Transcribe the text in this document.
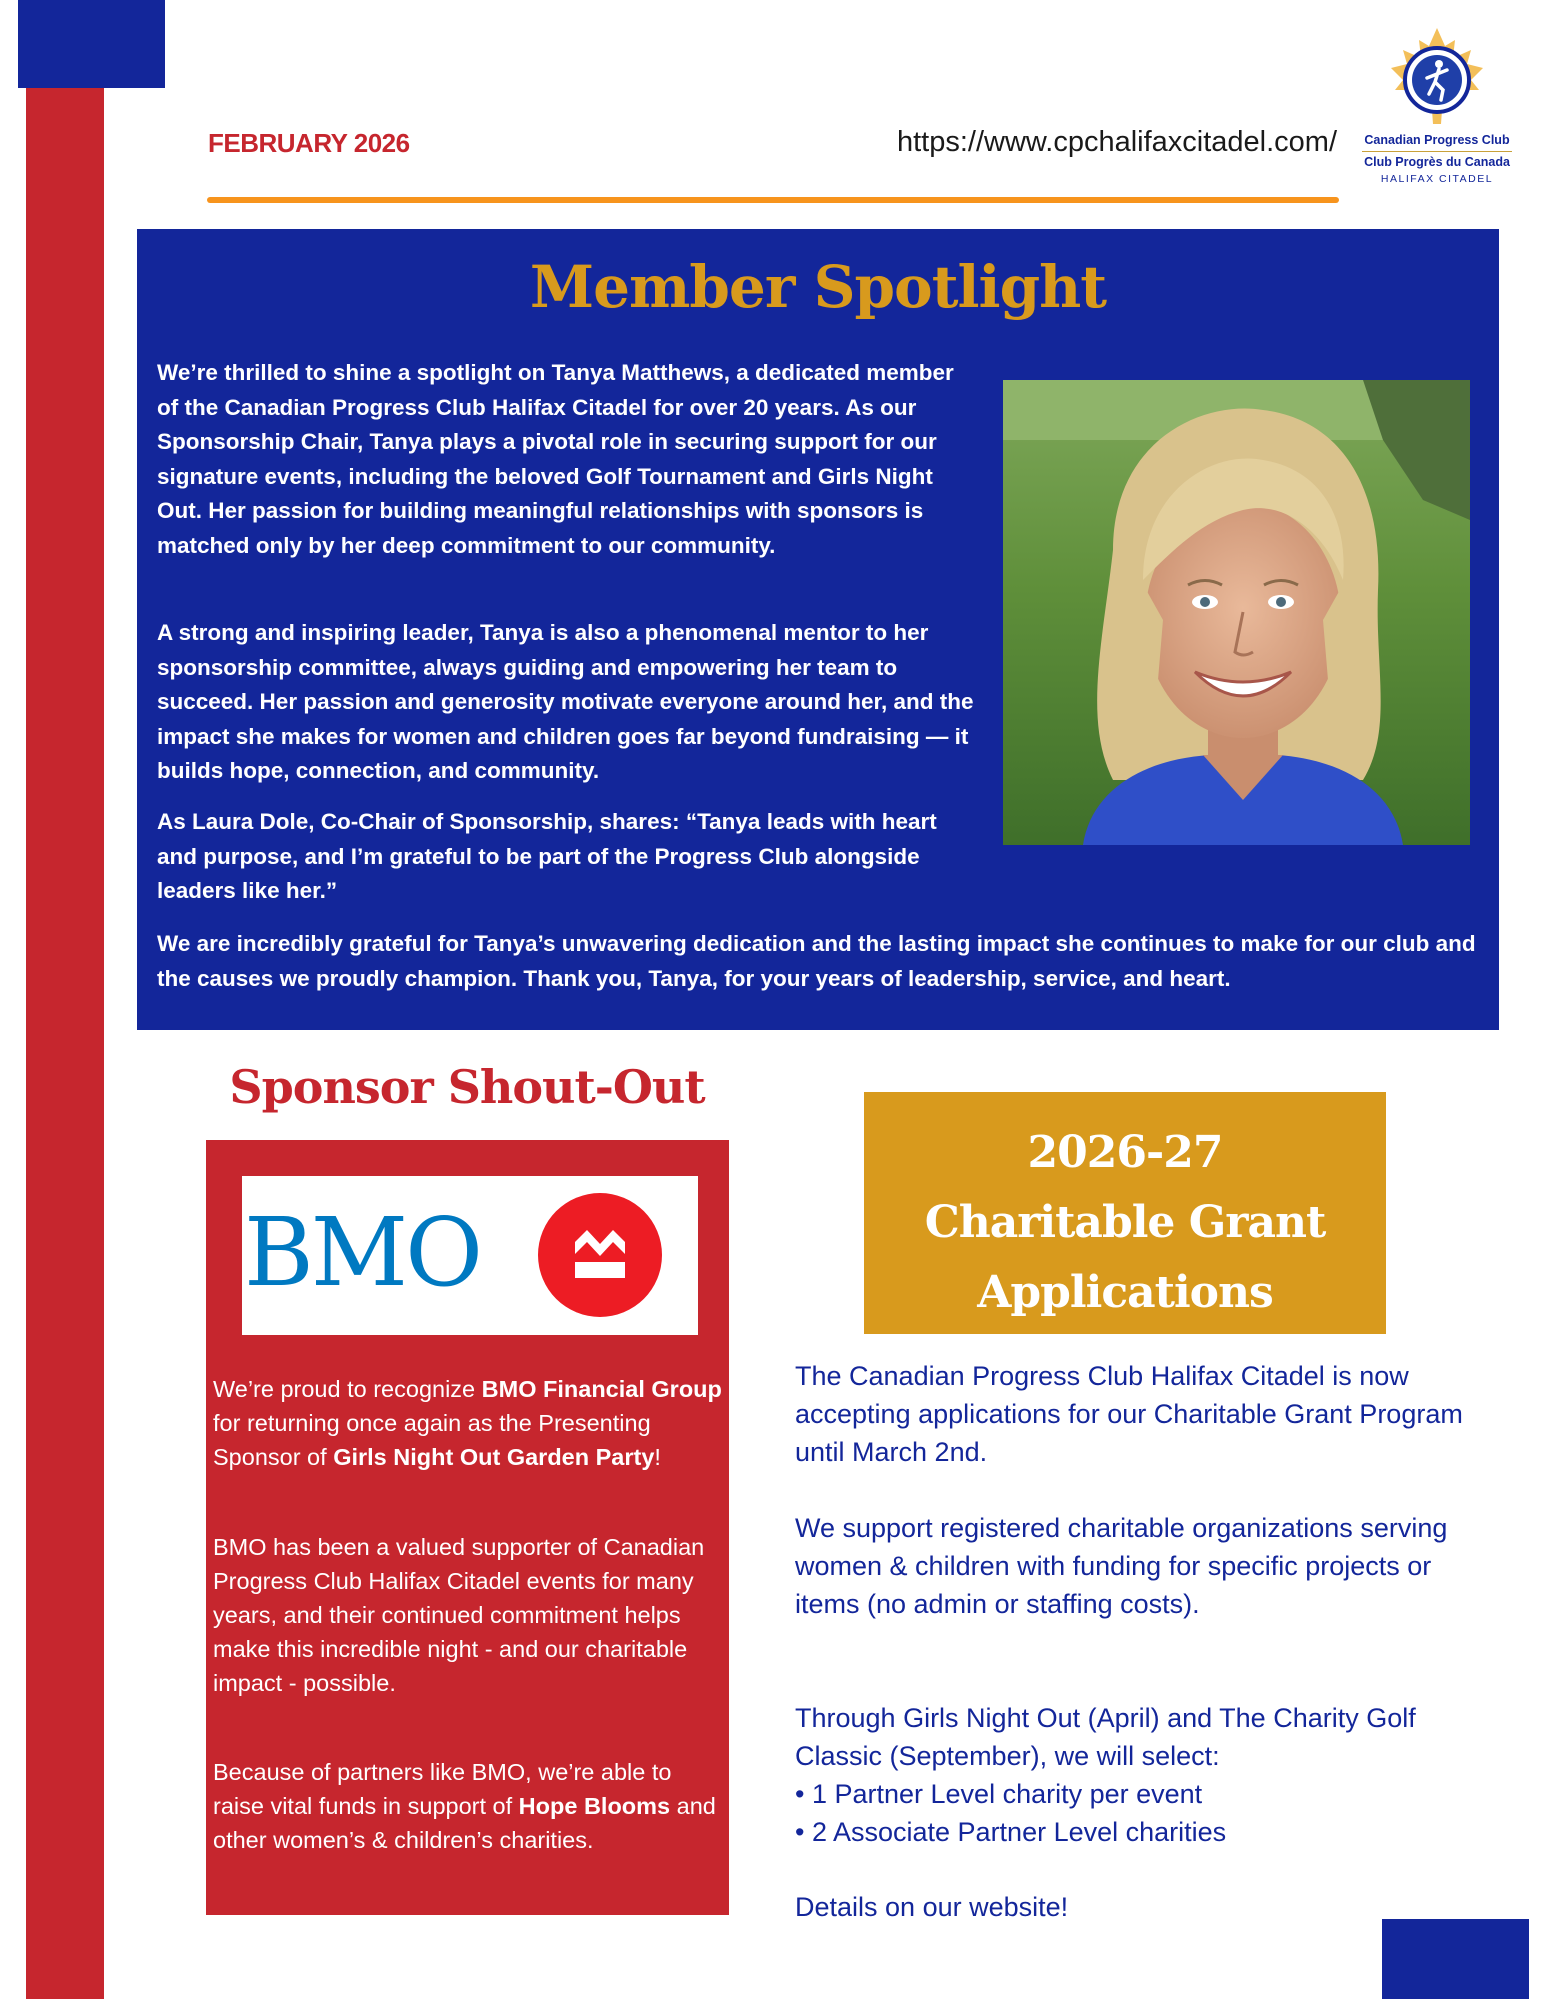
FEBRUARY 2026	https://www.cpchalifaxcitadel.com/	Canadian Progress Club
Club Progrès du Canada
HALIFAX CITADEL
Member Spotlight

We’re thrilled to shine a spotlight on Tanya Matthews, a dedicated member of the Canadian Progress Club Halifax Citadel for over 20 years. As our Sponsorship Chair, Tanya plays a pivotal role in securing support for our signature events, including the beloved Golf Tournament and Girls Night Out. Her passion for building meaningful relationships with sponsors is matched only by her deep commitment to our community.

A strong and inspiring leader, Tanya is also a phenomenal mentor to her sponsorship committee, always guiding and empowering her team to succeed. Her passion and generosity motivate everyone around her, and the impact she makes for women and children goes far beyond fundraising — it builds hope, connection, and community.

As Laura Dole, Co-Chair of Sponsorship, shares: “Tanya leads with heart and purpose, and I’m grateful to be part of the Progress Club alongside leaders like her.”

We are incredibly grateful for Tanya’s unwavering dedication and the lasting impact she continues to make for our club and the causes we proudly champion. Thank you, Tanya, for your years of leadership, service, and heart.

Sponsor Shout-Out
BMO

We’re proud to recognize BMO Financial Group for returning once again as the Presenting Sponsor of Girls Night Out Garden Party!

BMO has been a valued supporter of Canadian Progress Club Halifax Citadel events for many years, and their continued commitment helps make this incredible night - and our charitable impact - possible.

Because of partners like BMO, we’re able to raise vital funds in support of Hope Blooms and other women’s & children’s charities.

2026-27
Charitable Grant
Applications

The Canadian Progress Club Halifax Citadel is now accepting applications for our Charitable Grant Program until March 2nd.

We support registered charitable organizations serving women & children with funding for specific projects or items (no admin or staffing costs).

Through Girls Night Out (April) and The Charity Golf Classic (September), we will select:

• 1 Partner Level charity per event
• 2 Associate Partner Level charities

Details on our website!
